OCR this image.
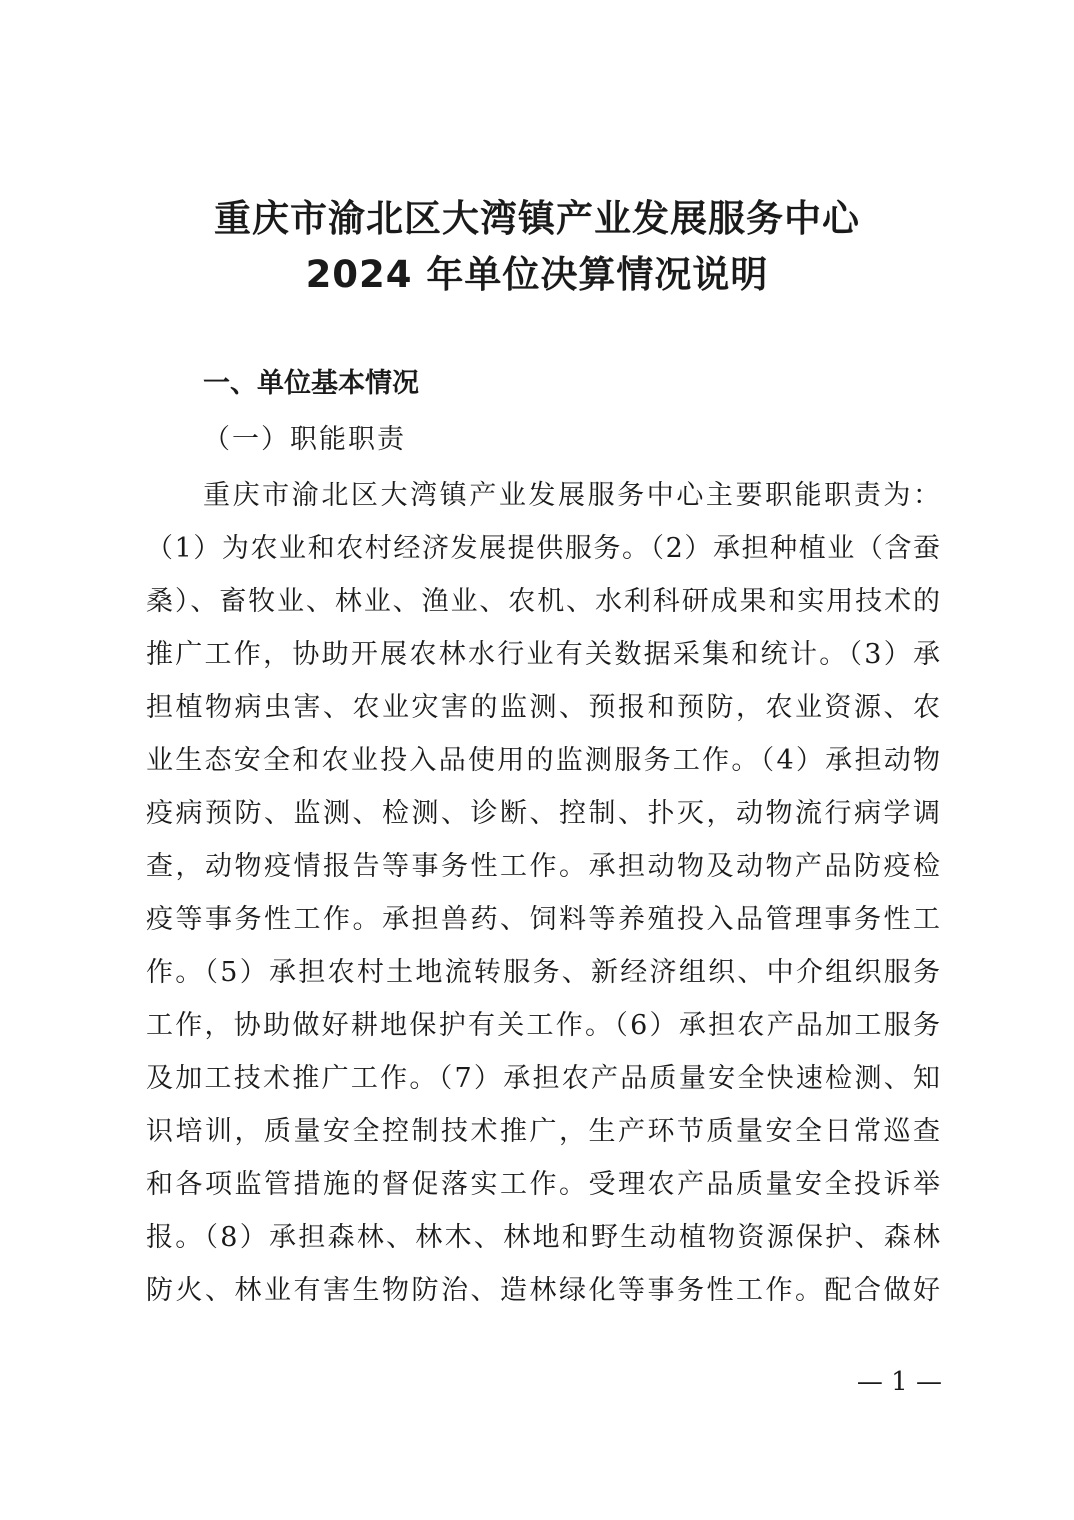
重庆市渝北区大湾镇产业发展服务中心
2024 年单位决算情况说明
一、单位基本情况
（一）职能职责
重庆市渝北区大湾镇产业发展服务中心主要职能职责为：
（1）为农业和农村经济发展提供服务。（2）承担种植业（含蚕
桑）、畜牧业、林业、渔业、农机、水利科研成果和实用技术的
推广工作，协助开展农林水行业有关数据采集和统计。（3）承
担植物病虫害、农业灾害的监测、预报和预防，农业资源、农
业生态安全和农业投入品使用的监测服务工作。（4）承担动物
疫病预防、监测、检测、诊断、控制、扑灭，动物流行病学调
查，动物疫情报告等事务性工作。承担动物及动物产品防疫检
疫等事务性工作。承担兽药、饲料等养殖投入品管理事务性工
作。（5）承担农村土地流转服务、新经济组织、中介组织服务
工作，协助做好耕地保护有关工作。（6）承担农产品加工服务
及加工技术推广工作。（7）承担农产品质量安全快速检测、知
识培训，质量安全控制技术推广，生产环节质量安全日常巡查
和各项监管措施的督促落实工作。受理农产品质量安全投诉举
报。（8）承担森林、林木、林地和野生动植物资源保护、森林
防火、林业有害生物防治、造林绿化等事务性工作。配合做好
— 1 —
